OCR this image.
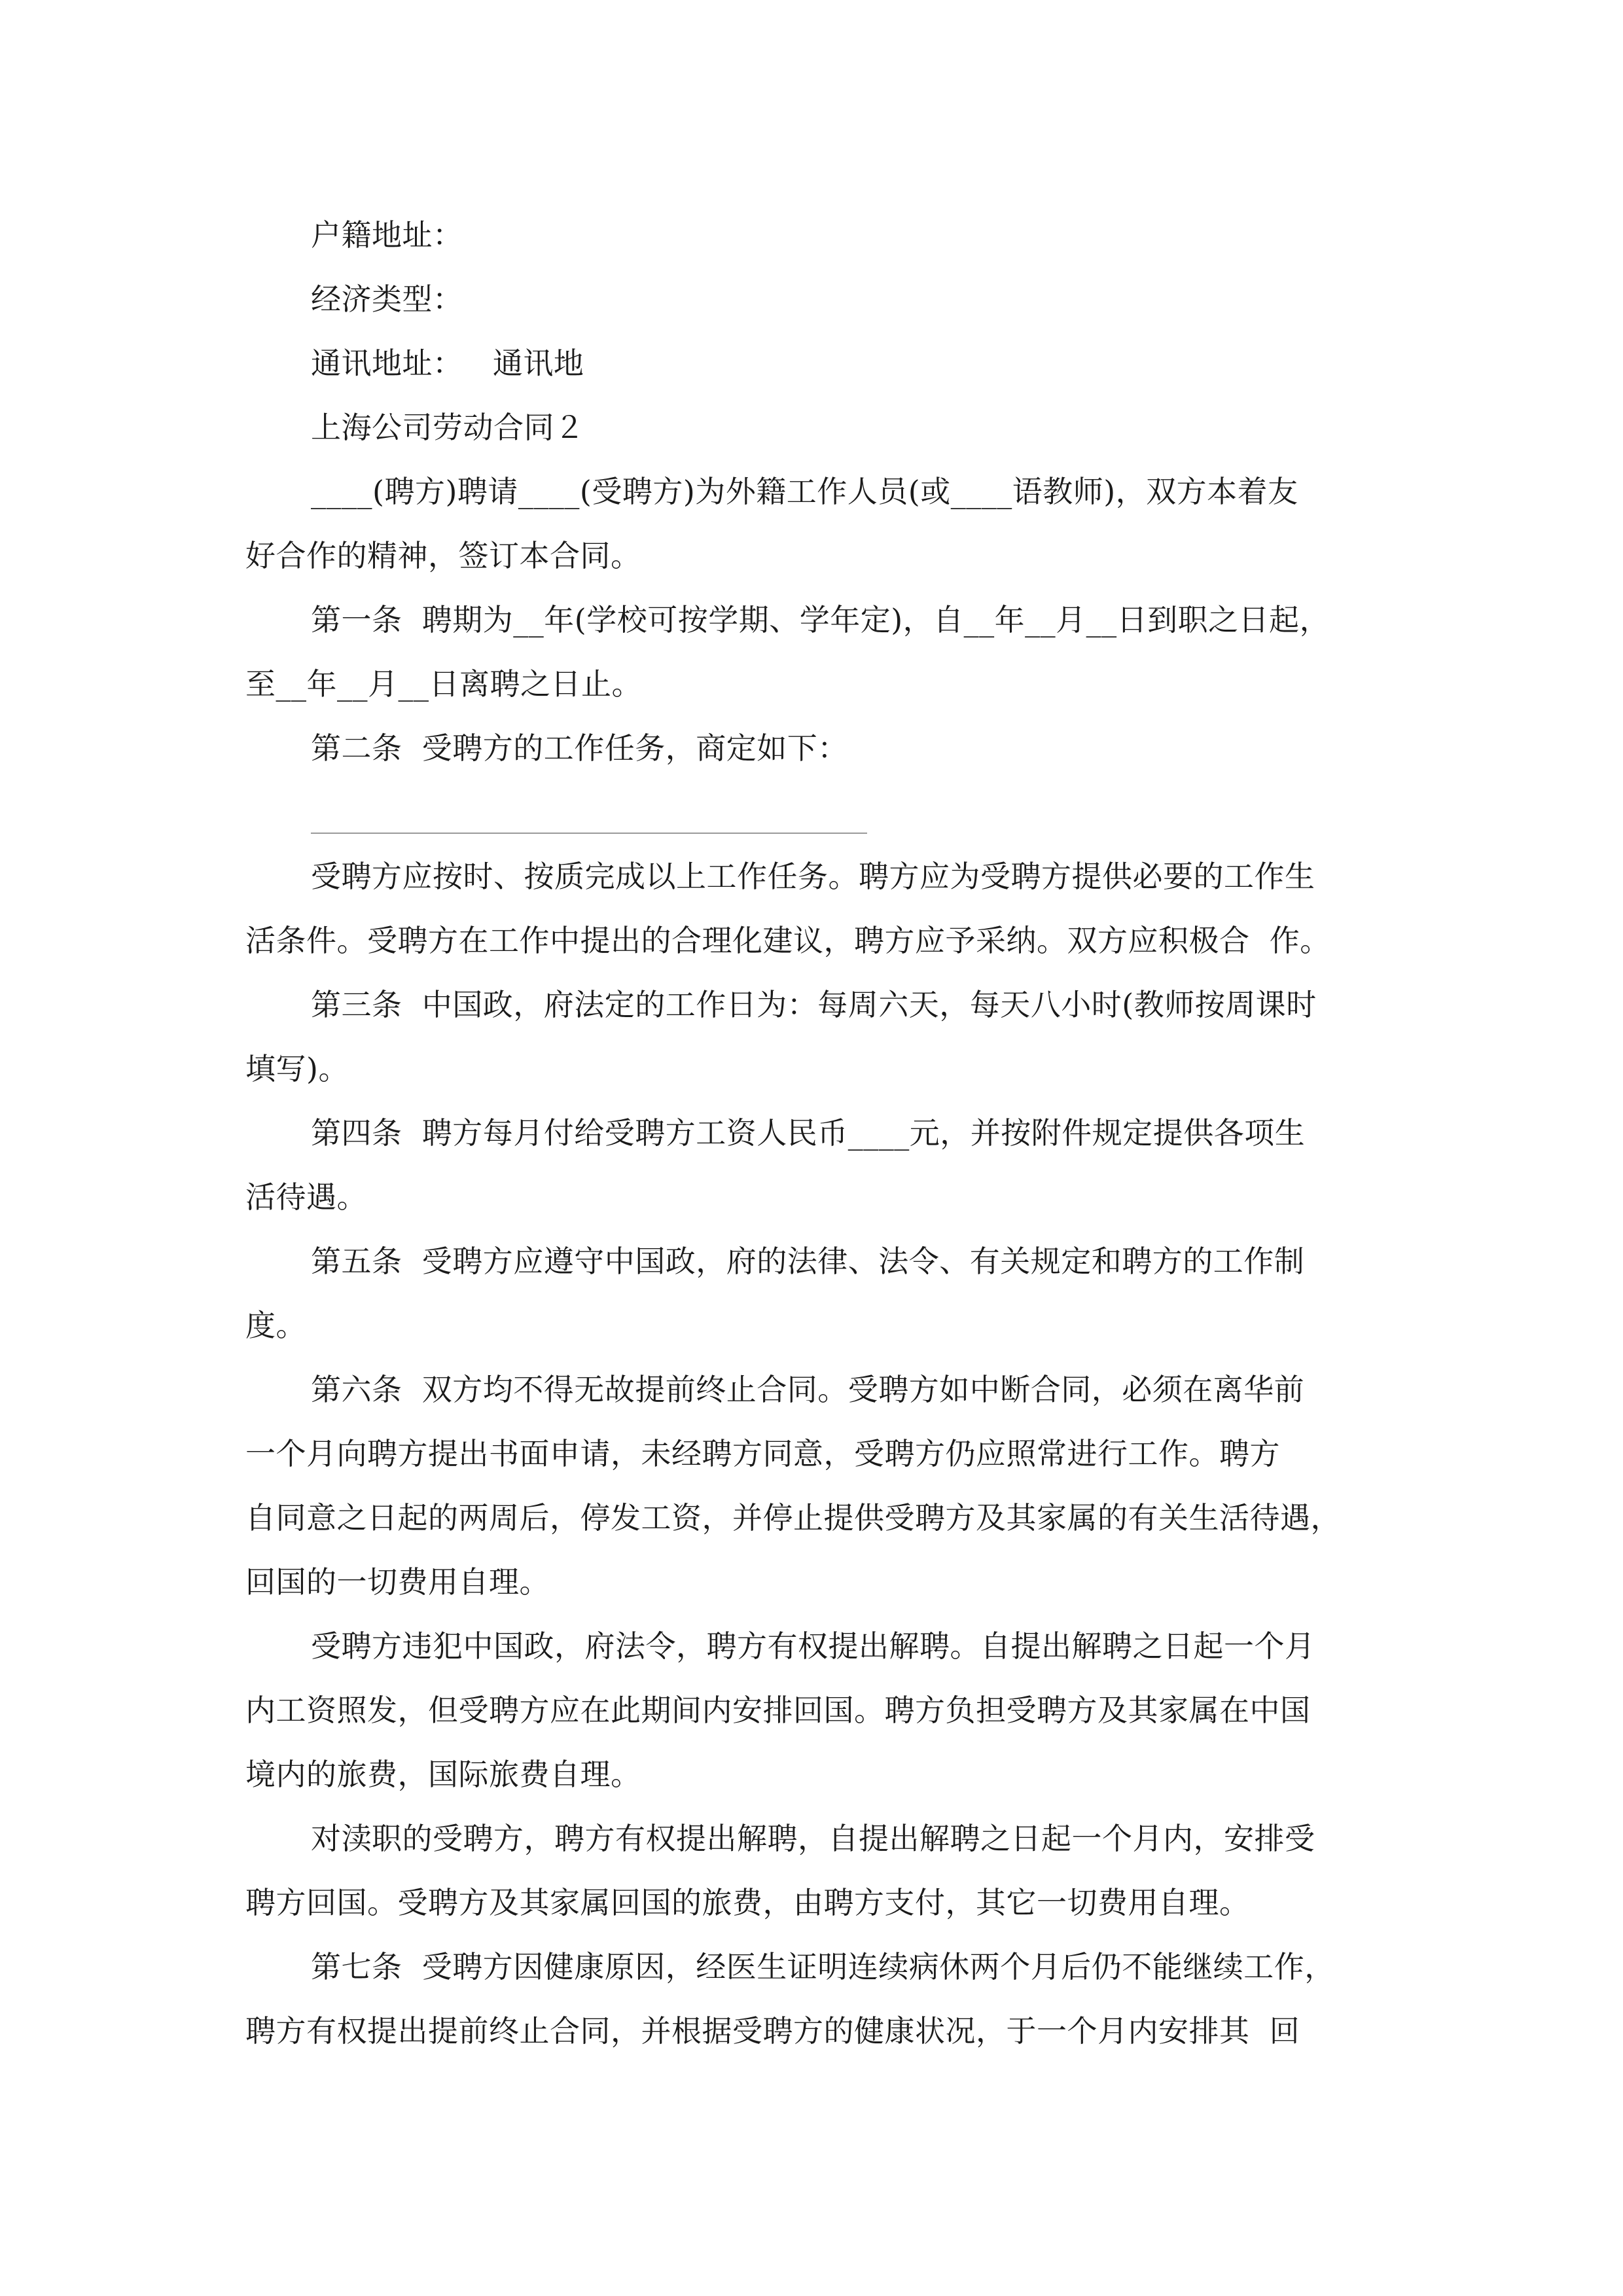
户籍地址：
经济类型：
通讯地址：   通讯地
上海公司劳动合同２
____(聘方)聘请____(受聘方)为外籍工作人员(或____语教师)，双方本着友
好合作的精神，签订本合同。
第一条  聘期为__年(学校可按学期、学年定)，自__年__月__日到职之日起，
至__年__月__日离聘之日止。
第二条  受聘方的工作任务，商定如下：
受聘方应按时、按质完成以上工作任务。聘方应为受聘方提供必要的工作生
活条件。受聘方在工作中提出的合理化建议，聘方应予采纳。双方应积极合  作。
第三条  中国政，府法定的工作日为：每周六天，每天八小时(教师按周课时
填写)。
第四条  聘方每月付给受聘方工资人民币____元，并按附件规定提供各项生
活待遇。
第五条  受聘方应遵守中国政，府的法律、法令、有关规定和聘方的工作制
度。
第六条  双方均不得无故提前终止合同。受聘方如中断合同，必须在离华前
一个月向聘方提出书面申请，未经聘方同意，受聘方仍应照常进行工作。聘方
自同意之日起的两周后，停发工资，并停止提供受聘方及其家属的有关生活待遇，
回国的一切费用自理。
受聘方违犯中国政，府法令，聘方有权提出解聘。自提出解聘之日起一个月
内工资照发，但受聘方应在此期间内安排回国。聘方负担受聘方及其家属在中国
境内的旅费，国际旅费自理。
对渎职的受聘方，聘方有权提出解聘，自提出解聘之日起一个月内，安排受
聘方回国。受聘方及其家属回国的旅费，由聘方支付，其它一切费用自理。
第七条  受聘方因健康原因，经医生证明连续病休两个月后仍不能继续工作，
聘方有权提出提前终止合同，并根据受聘方的健康状况，于一个月内安排其  回
